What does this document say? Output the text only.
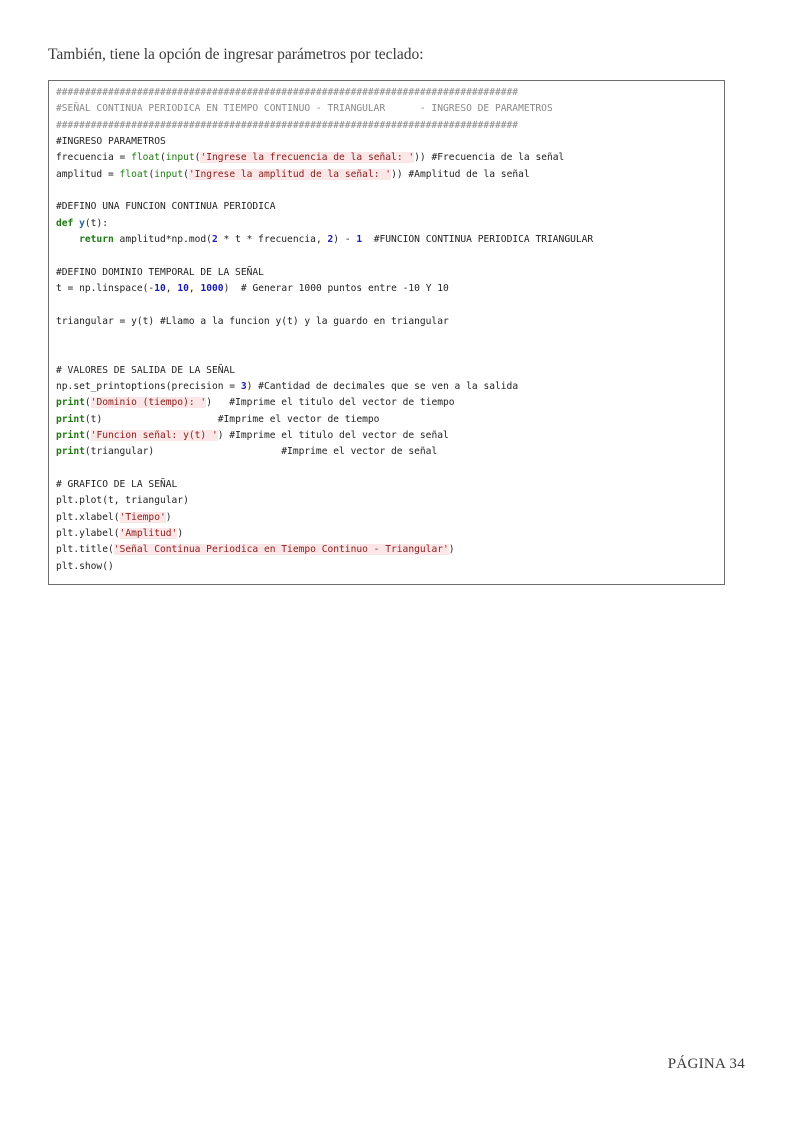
También, tiene la opción de ingresar parámetros por teclado:

################################################################################
#SEÑAL CONTINUA PERIODICA EN TIEMPO CONTINUO - TRIANGULAR      - INGRESO DE PARAMETROS
################################################################################
#INGRESO PARAMETROS
frecuencia = float(input('Ingrese la frecuencia de la señal: ')) #Frecuencia de la señal
amplitud = float(input('Ingrese la amplitud de la señal: ')) #Amplitud de la señal
#DEFINO UNA FUNCION CONTINUA PERIODICA
def y(t):
return amplitud*np.mod(2 * t * frecuencia, 2) - 1  #FUNCION CONTINUA PERIODICA TRIANGULAR
#DEFINO DOMINIO TEMPORAL DE LA SEÑAL
t = np.linspace(-10, 10, 1000)  # Generar 1000 puntos entre -10 Y 10
triangular = y(t) #Llamo a la funcion y(t) y la guardo en triangular
# VALORES DE SALIDA DE LA SEÑAL
np.set_printoptions(precision = 3) #Cantidad de decimales que se ven a la salida
print('Dominio (tiempo): ')   #Imprime el titulo del vector de tiempo
print(t)                    #Imprime el vector de tiempo
print('Funcion señal: y(t) ') #Imprime el titulo del vector de señal
print(triangular)                      #Imprime el vector de señal
# GRAFICO DE LA SEÑAL
plt.plot(t, triangular)
plt.xlabel('Tiempo')
plt.ylabel('Amplitud')
plt.title('Señal Continua Periodica en Tiempo Continuo - Triangular')
plt.show()
PÁGINA 34
